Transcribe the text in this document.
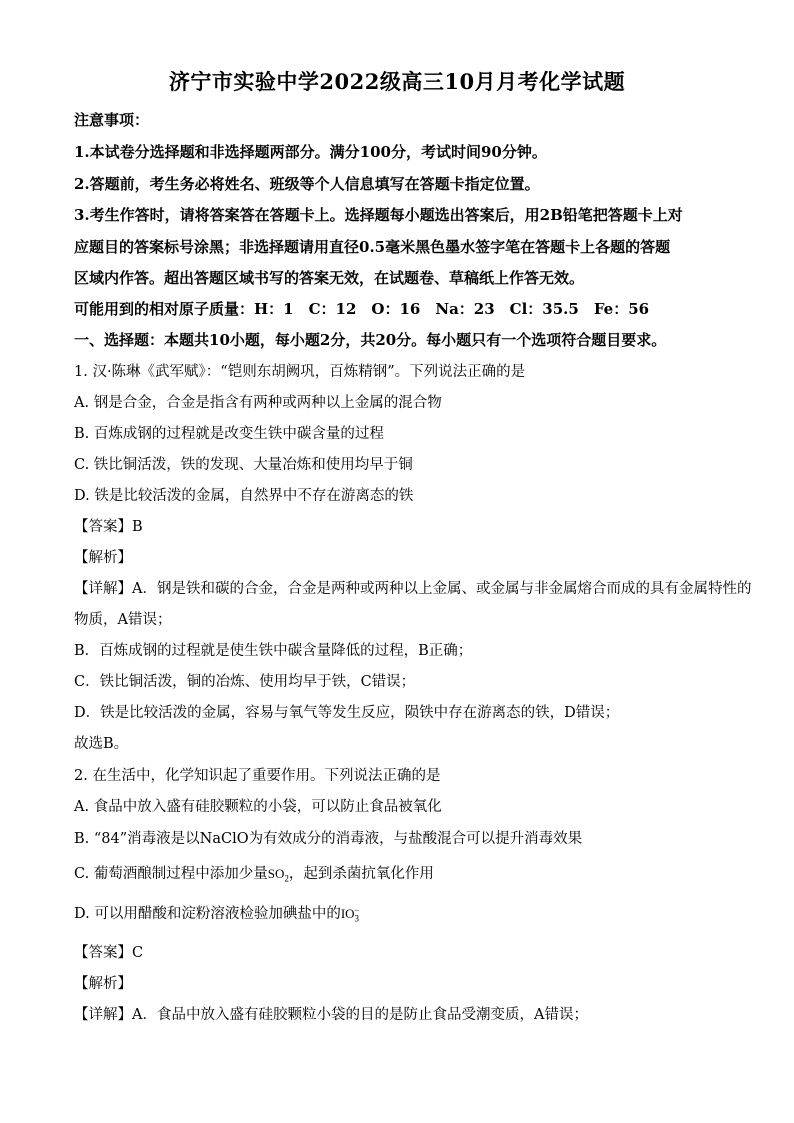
济宁市实验中学2022级高三10月月考化学试题
注意事项：
1.本试卷分选择题和非选择题两部分。满分100分，考试时间90分钟。
2.答题前，考生务必将姓名、班级等个人信息填写在答题卡指定位置。
3.考生作答时，请将答案答在答题卡上。选择题每小题选出答案后，用2B铅笔把答题卡上对
应题目的答案标号涂黑；非选择题请用直径0.5毫米黑色墨水签字笔在答题卡上各题的答题
区域内作答。超出答题区域书写的答案无效，在试题卷、草稿纸上作答无效。
可能用到的相对原子质量：H：1　C：12　O：16　Na：23　Cl：35.5　Fe：56
一、选择题：本题共10小题，每小题2分，共20分。每小题只有一个选项符合题目要求。
1. 汉·陈琳《武军赋》：“铠则东胡阙巩，百炼精钢”。下列说法正确的是
A. 钢是合金，合金是指含有两种或两种以上金属的混合物
B. 百炼成钢的过程就是改变生铁中碳含量的过程
C. 铁比铜活泼，铁的发现、大量冶炼和使用均早于铜
D. 铁是比较活泼的金属，自然界中不存在游离态的铁
【答案】B
【解析】
【详解】A．钢是铁和碳的合金，合金是两种或两种以上金属、或金属与非金属熔合而成的具有金属特性的
物质，A错误；
B．百炼成钢的过程就是使生铁中碳含量降低的过程，B正确；
C．铁比铜活泼，铜的冶炼、使用均早于铁，C错误；
D．铁是比较活泼的金属，容易与氧气等发生反应，陨铁中存在游离态的铁，D错误；
故选B。
2. 在生活中，化学知识起了重要作用。下列说法正确的是
A. 食品中放入盛有硅胶颗粒的小袋，可以防止食品被氧化
B. “84”消毒液是以NaClO为有效成分的消毒液，与盐酸混合可以提升消毒效果
C. 葡萄酒酿制过程中添加少量$SO_2$，起到杀菌抗氧化作用
D. 可以用醋酸和淀粉溶液检验加碘盐中的$IO_3^-$
【答案】C
【解析】
【详解】A．食品中放入盛有硅胶颗粒小袋的目的是防止食品受潮变质，A错误；
